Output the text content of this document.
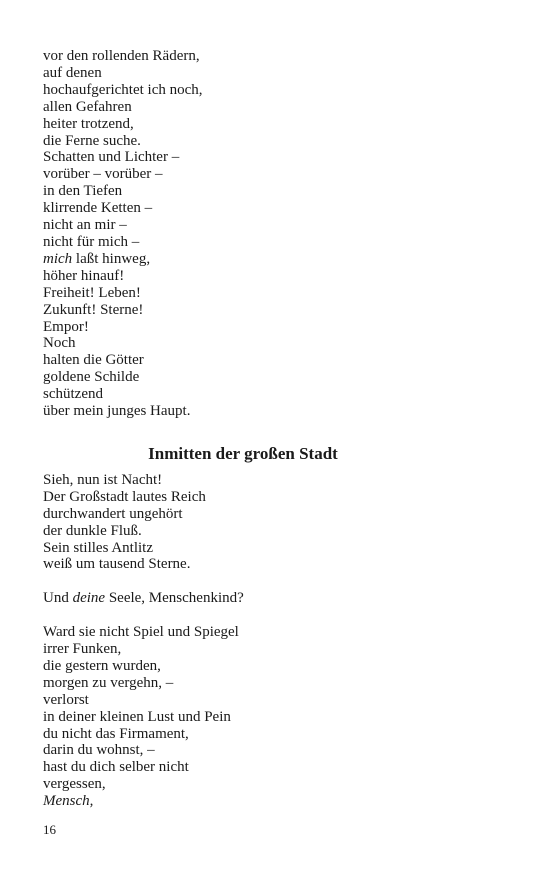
vor den rollenden Rädern,

auf denen

hochaufgerichtet ich noch,

allen Gefahren

heiter trotzend,

die Ferne suche.

Schatten und Lichter –

vorüber – vorüber –

in den Tiefen

klirrende Ketten –

nicht an mir –

nicht für mich –

mich laßt hinweg,

höher hinauf!

Freiheit! Leben!

Zukunft! Sterne!

Empor!

Noch

halten die Götter

goldene Schilde

schützend

über mein junges Haupt.

Inmitten der großen Stadt

Sieh, nun ist Nacht!

Der Großstadt lautes Reich

durchwandert ungehört

der dunkle Fluß.

Sein stilles Antlitz

weiß um tausend Sterne.

Und deine Seele, Menschenkind?

Ward sie nicht Spiel und Spiegel

irrer Funken,

die gestern wurden,

morgen zu vergehn, –

verlorst

in deiner kleinen Lust und Pein

du nicht das Firmament,

darin du wohnst, –

hast du dich selber nicht

vergessen,

Mensch,

16
